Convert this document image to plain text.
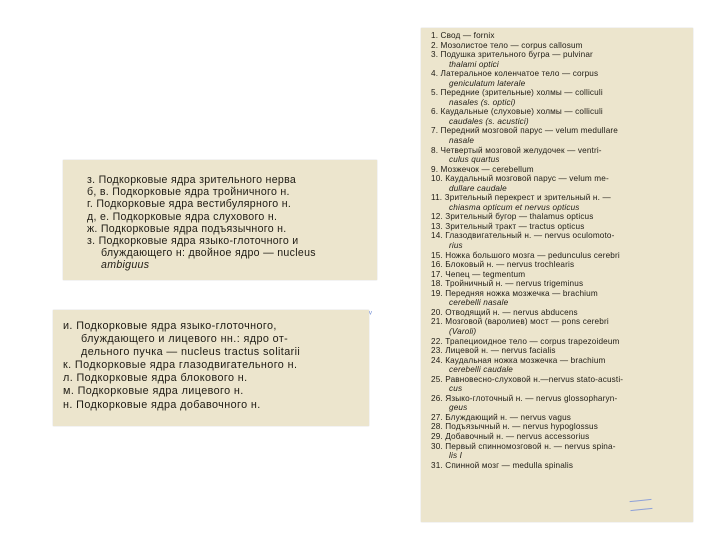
з. Подкорковые ядра зрительного нерва
б, в. Подкорковые ядра тройничного н.
г. Подкорковые ядра вестибулярного н.
д, е. Подкорковые ядра слухового н.
ж. Подкорковые ядра подъязычного н.
з. Подкорковые ядра языко-глоточного и
блуждающего н: двойное ядро — nucleus
ambiguus
и. Подкорковые ядра языко-глоточного,
блуждающего и лицевого нн.: ядро от-
дельного пучка — nucleus tractus solitarii
к. Подкорковые ядра глазодвигательного н.
л. Подкорковые ядра блокового н.
м. Подкорковые ядра лицевого н.
н. Подкорковые ядра добавочного н.
ᵥ
1. Свод — fornix
2. Мозолистое тело — corpus callosum
3. Подушка зрительного бугра — pulvinar
thalami optici
4. Латеральное коленчатое тело — corpus
geniculatum laterale
5. Передние (зрительные) холмы — colliculi
nasales (s. optici)
6. Каудальные (слуховые) холмы — colliculi
caudales (s. acustici)
7. Передний мозговой парус — velum medullare
nasale
8. Четвертый мозговой желудочек — ventri-
culus quartus
9. Мозжечок — cerebellum
10. Каудальный мозговой парус — velum me-
dullare caudale
11. Зрительный перекрест и зрительный н. —
chiasma opticum et nervus opticus
12. Зрительный бугор — thalamus opticus
13. Зрительный тракт — tractus opticus
14. Глазодвигательный н. — nervus oculomoto-
rius
15. Ножка большого мозга — pedunculus cerebri
16. Блоковый н. — nervus trochlearis
17. Чепец — tegmentum
18. Тройничный н. — nervus trigeminus
19. Передняя ножка мозжечка — brachium
cerebelli nasale
20. Отводящий н. — nervus abducens
21. Мозговой (варолиев) мост — pons cerebri
(Varoli)
22. Трапециоидное тело — corpus trapezoideum
23. Лицевой н. — nervus facialis
24. Каудальная ножка мозжечка — brachium
cerebelli caudale
25. Равновесно-слуховой н.—nervus stato-acusti-
cus
26. Языко-глоточный н. — nervus glossopharyn-
geus
27. Блуждающий н. — nervus vagus
28. Подъязычный н. — nervus hypoglossus
29. Добавочный н. — nervus accessorius
30. Первый спинномозговой н. — nervus spina-
lis I
31. Спинной мозг — medulla spinalis
